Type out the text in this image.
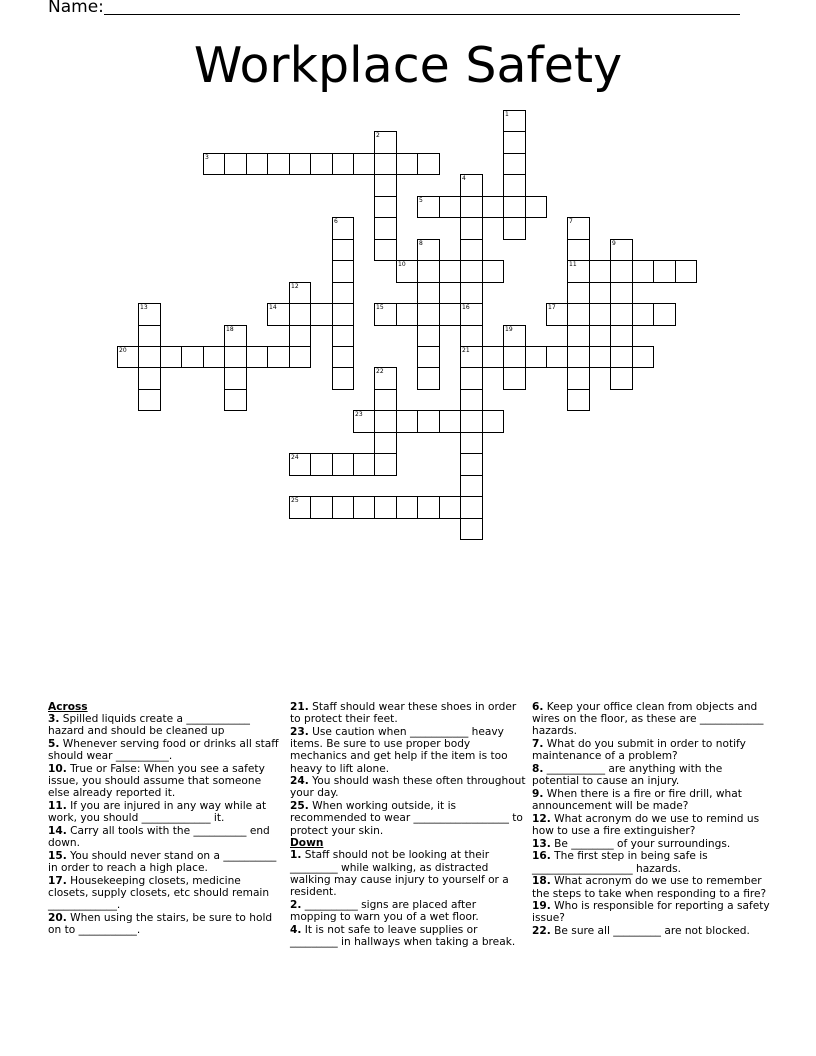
Name:
Workplace Safety
1
2
3
4
16
21
5
6	7
11
8	9
10
12
13	14	15	17
18	19
20
22
23
24
25

Across

3. Spilled liquids create a ____________ hazard and should be cleaned up

5. Whenever serving food or drinks all staff should wear __________.

10. True or False: When you see a safety issue, you should assume that someone else already reported it.

11. If you are injured in any way while at work, you should _____________ it.

14. Carry all tools with the __________ end down.

15. You should never stand on a __________ in order to reach a high place.

17. Housekeeping closets, medicine closets, supply closets, etc should remain _____________.

20. When using the stairs, be sure to hold on to ___________.

21. Staff should wear these shoes in order to protect their feet.

23. Use caution when ___________ heavy items. Be sure to use proper body mechanics and get help if the item is too heavy to lift alone.

24. You should wash these often throughout your day.

25. When working outside, it is recommended to wear __________________ to protect your skin.

Down

1. Staff should not be looking at their _________ while walking, as distracted walking may cause injury to yourself or a resident.

2. __________ signs are placed after mopping to warn you of a wet floor.

4. It is not safe to leave supplies or _________ in hallways when taking a break.

6. Keep your office clean from objects and wires on the floor, as these are ____________ hazards.

7. What do you submit in order to notify maintenance of a problem?

8. ___________ are anything with the potential to cause an injury.

9. When there is a fire or fire drill, what announcement will be made?

12. What acronym do we use to remind us how to use a fire extinguisher?

13. Be ________ of your surroundings.

16. The first step in being safe is ___________________ hazards.

18. What acronym do we use to remember the steps to take when responding to a fire?

19. Who is responsible for reporting a safety issue?

22. Be sure all _________ are not blocked.
